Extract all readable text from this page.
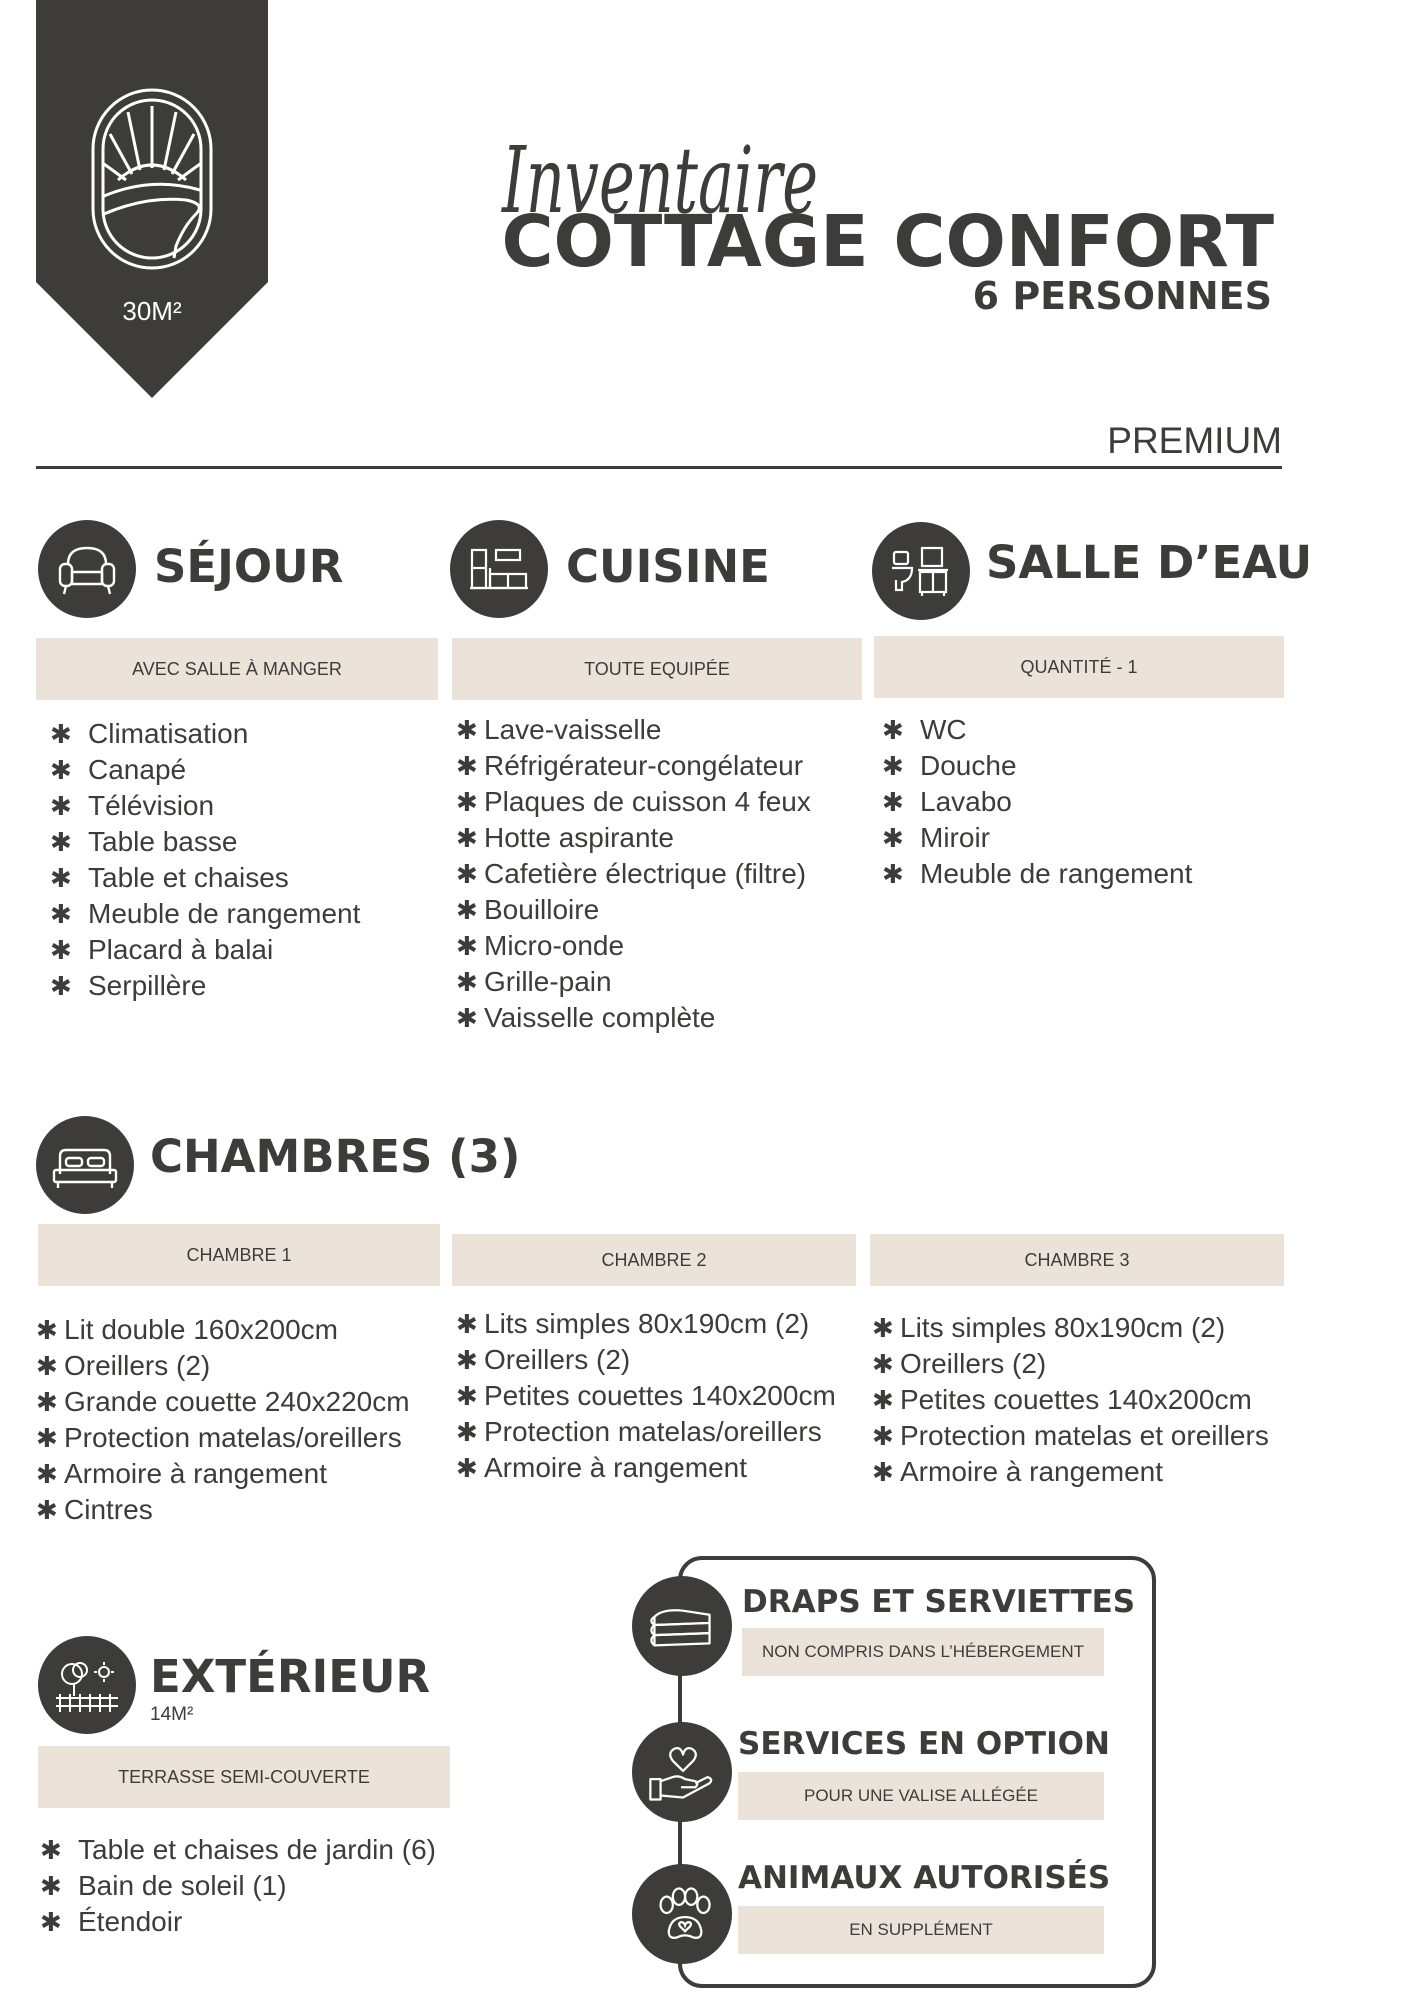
30M²
Inventaire
COTTAGE CONFORT
6 PERSONNES
PREMIUM
SÉJOUR
AVEC SALLE À MANGER
✱ Climatisation
✱ Canapé
✱ Télévision
✱ Table basse
✱ Table et chaises
✱ Meuble de rangement
✱ Placard à balai
✱ Serpillère
CUISINE
TOUTE EQUIPÉE
✱ Lave-vaisselle
✱ Réfrigérateur-congélateur
✱ Plaques de cuisson 4 feux
✱ Hotte aspirante
✱ Cafetière électrique (filtre)
✱ Bouilloire
✱ Micro-onde
✱ Grille-pain
✱ Vaisselle complète
SALLE D’EAU
QUANTITÉ - 1
✱ WC
✱ Douche
✱ Lavabo
✱ Miroir
✱ Meuble de rangement
CHAMBRES (3)
CHAMBRE 1	CHAMBRE 2	CHAMBRE 3
✱ Lit double 160x200cm
✱ Oreillers (2)
✱ Grande couette 240x220cm
✱ Protection matelas/oreillers
✱ Armoire à rangement
✱ Cintres
✱ Lits simples 80x190cm (2)
✱ Oreillers (2)
✱ Petites couettes 140x200cm
✱ Protection matelas/oreillers
✱ Armoire à rangement
✱ Lits simples 80x190cm (2)
✱ Oreillers (2)
✱ Petites couettes 140x200cm
✱ Protection matelas et oreillers
✱ Armoire à rangement
EXTÉRIEUR
14M²
TERRASSE SEMI-COUVERTE
✱ Table et chaises de jardin (6)
✱ Bain de soleil (1)
✱ Étendoir
DRAPS ET SERVIETTES
NON COMPRIS DANS L’HÉBERGEMENT
SERVICES EN OPTION
POUR UNE VALISE ALLÉGÉE
ANIMAUX AUTORISÉS
EN SUPPLÉMENT
